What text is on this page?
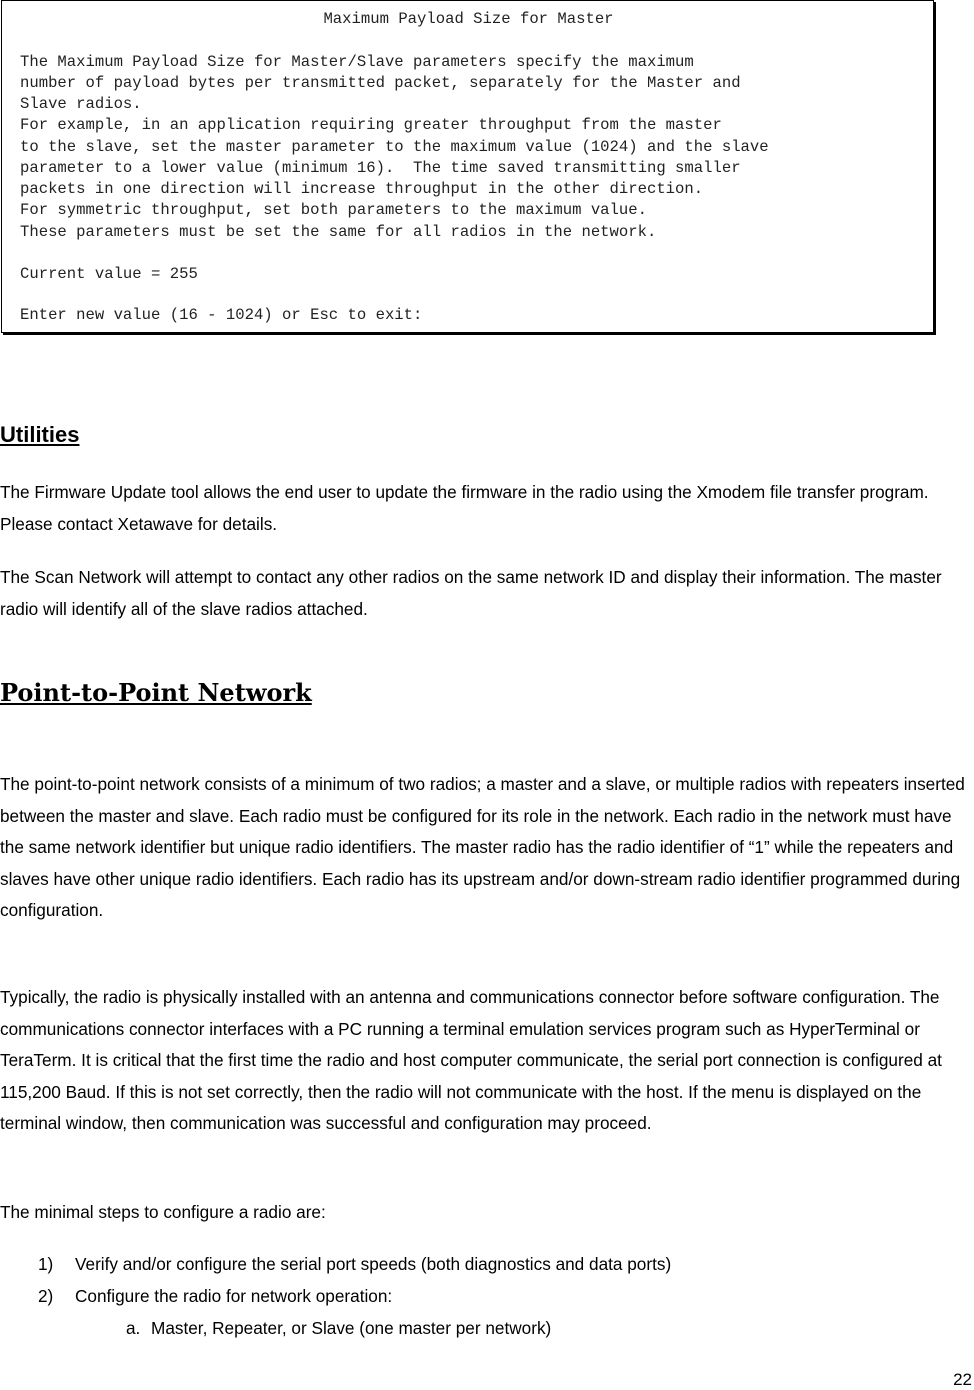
Maximum Payload Size for Master
The Maximum Payload Size for Master/Slave parameters specify the maximum
number of payload bytes per transmitted packet, separately for the Master and
Slave radios.
For example, in an application requiring greater throughput from the master
to the slave, set the master parameter to the maximum value (1024) and the slave
parameter to a lower value (minimum 16).  The time saved transmitting smaller
packets in one direction will increase throughput in the other direction.
For symmetric throughput, set both parameters to the maximum value.
These parameters must be set the same for all radios in the network.
Current value = 255
Enter new value (16 - 1024) or Esc to exit:
Utilities

The Firmware Update tool allows the end user to update the firmware in the radio using the Xmodem file transfer program. Please contact Xetawave for details.

The Scan Network will attempt to contact any other radios on the same network ID and display their information. The master radio will identify all of the slave radios attached.

Point-to-Point Network

The point-to-point network consists of a minimum of two radios; a master and a slave, or multiple radios with repeaters inserted between the master and slave. Each radio must be configured for its role in the network. Each radio in the network must have the same network identifier but unique radio identifiers. The master radio has the radio identifier of “1” while the repeaters and slaves have other unique radio identifiers. Each radio has its upstream and/or down-stream radio identifier programmed during configuration.

Typically, the radio is physically installed with an antenna and communications connector before software configuration. The communications connector interfaces with a PC running a terminal emulation services program such as HyperTerminal or TeraTerm. It is critical that the first time the radio and host computer communicate, the serial port connection is configured at 115,200 Baud. If this is not set correctly, then the radio will not communicate with the host. If the menu is displayed on the terminal window, then communication was successful and configuration may proceed.

The minimal steps to configure a radio are:

1) Verify and/or configure the serial port speeds (both diagnostics and data ports)
2) Configure the radio for network operation:
a. Master, Repeater, or Slave (one master per network)
22
